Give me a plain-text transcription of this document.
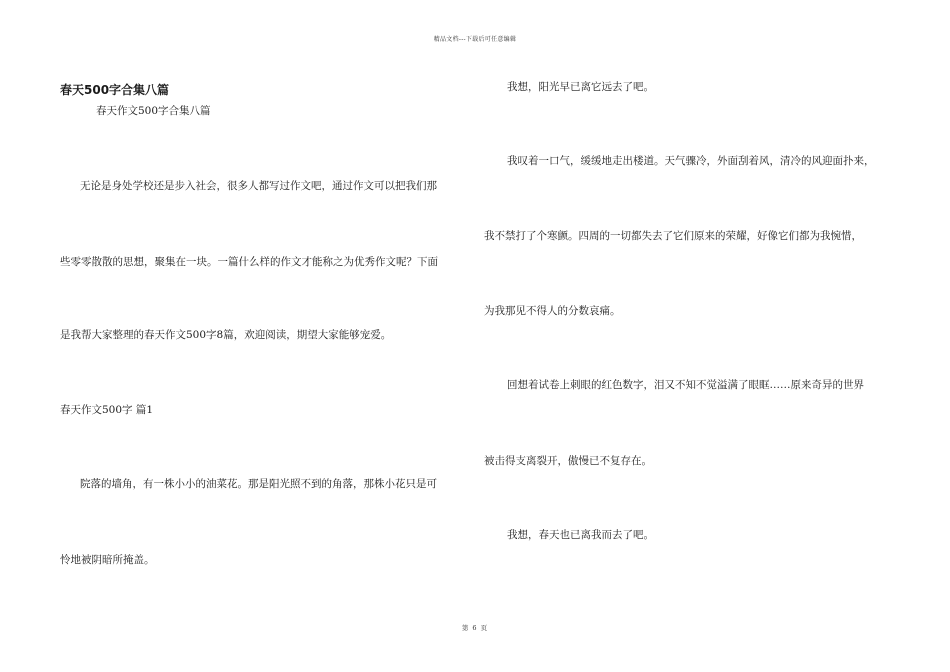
精品文档---下载后可任意编辑
春天500字合集八篇
春天作文500字合集八篇
无论是身处学校还是步入社会，很多人都写过作文吧，通过作文可以把我们那
些零零散散的思想，聚集在一块。一篇什么样的作文才能称之为优秀作文呢？下面
是我帮大家整理的春天作文500字8篇，欢迎阅读，期望大家能够宠爱。
春天作文500字 篇1
院落的墙角，有一株小小的油菜花。那是阳光照不到的角落，那株小花只是可
怜地被阴暗所掩盖。
我想，阳光早已离它远去了吧。
我叹着一口气，缓缓地走出楼道。天气骤冷，外面刮着风，清冷的风迎面扑来，
我不禁打了个寒颤。四周的一切都失去了它们原来的荣耀，好像它们都为我惋惜，
为我那见不得人的分数哀痛。
回想着试卷上刺眼的红色数字，泪又不知不觉溢满了眼眶……原来奇异的世界
被击得支离裂开，傲慢已不复存在。
我想，春天也已离我而去了吧。
第 6 页
